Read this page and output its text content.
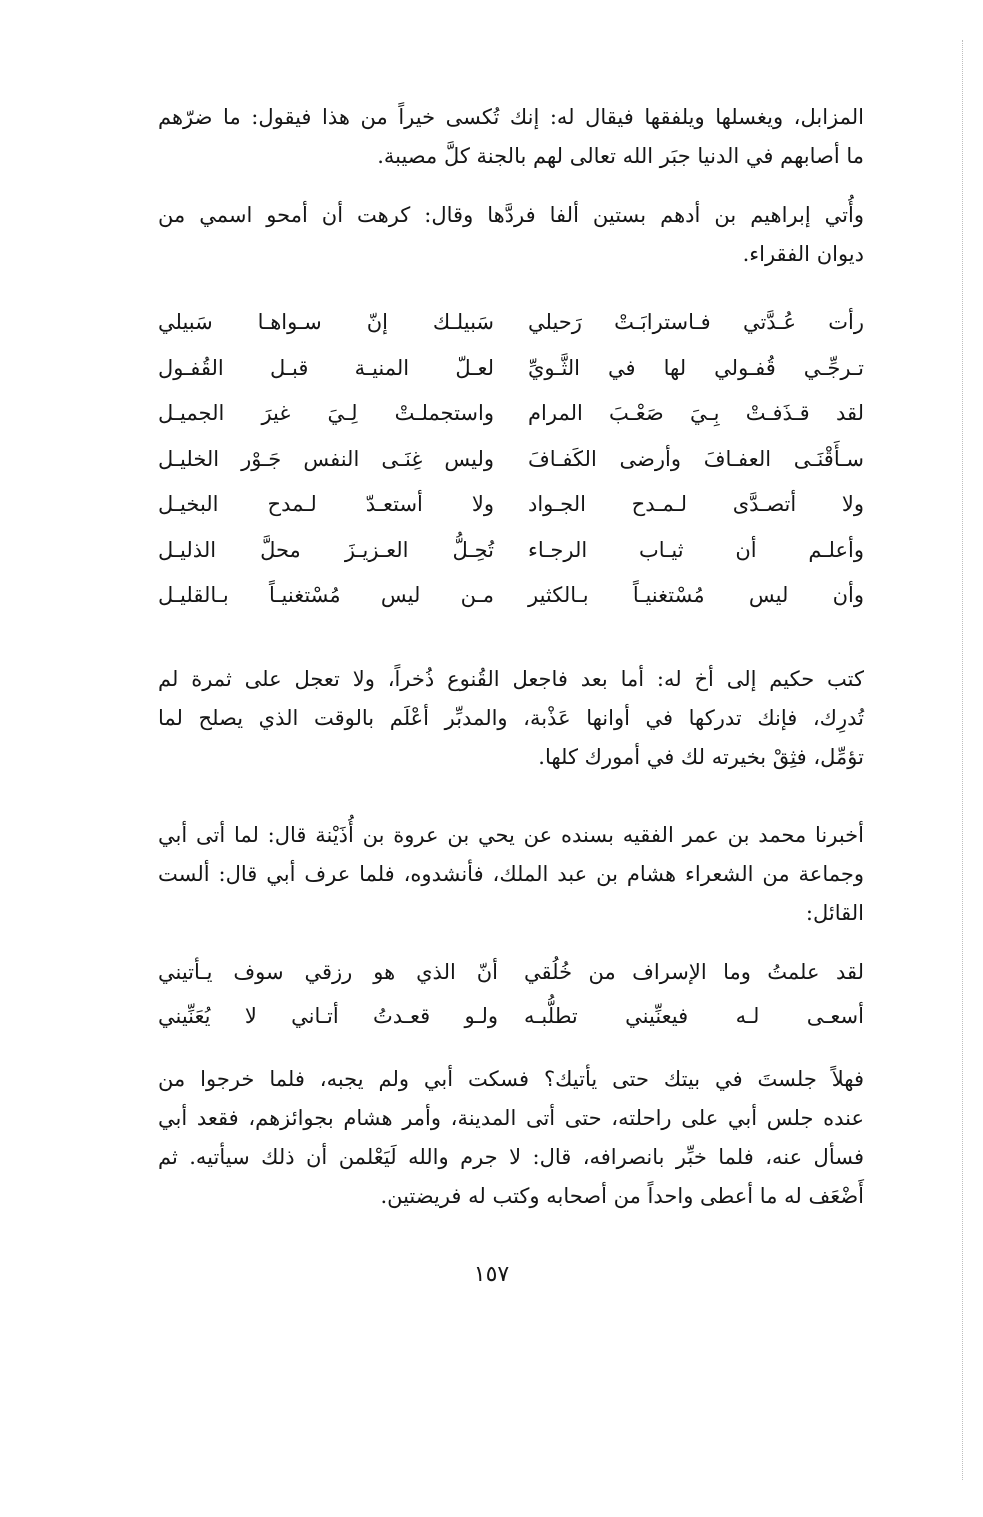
المزابل، ويغسلها ويلفقها فيقال له: إنك تُكسى خيراً من هذا فيقول: ما ضرّهم
ما أصابهم في الدنيا جبَر الله تعالى لهم بالجنة كلَّ مصيبة.

وأُتي إبراهيم بن أدهم بستين ألفا فردَّها وقال: كرهت أن أمحو اسمي من
ديوان الفقراء.

رأت عُـدَّتي فـاسترابَـتْ رَحيلي
سَبيلـك إنّ سـواهـا سَبيلي
تـرجِّـي قُفـولي لها في الثَّـويِّ
لعـلّ المنيـة قبـل القُفـول
لقد قـذَفـتْ بِـيَ صَعْـبَ المرام
واستجملـتْ لِـيَ غيرَ الجميـل
سـأَقْنَـى العفـافَ وأرضى الكَفـافَ
وليس غِنَـى النفس جَـوْر الخليـل
ولا أتصـدَّى لـمـدح الجـواد
ولا أستعـدّ لـمدح البخيـل
وأعلـم أن ثيـاب الرجـاء
تُحِـلُّ العـزيـزَ محلَّ الذليـل
وأن ليس مُسْتغنيـاً بـالكثير
مـن ليس مُسْتغنيـاً بـالقليـل

كتب حكيم إلى أخ له: أما بعد فاجعل القُنوع ذُخراً، ولا تعجل على ثمرة لم
تُدرِك، فإنك تدركها في أوانها عَذْبة، والمدبِّر أعْلَم بالوقت الذي يصلح لما
تؤمِّل، فثِقْ بخيرته لك في أمورك كلها.

أخبرنا محمد بن عمر الفقيه بسنده عن يحي بن عروة بن أُذَيْنة قال: لما أتى أبي
وجماعة من الشعراء هشام بن عبد الملك، فأنشدوه، فلما عرف أبي قال: ألست
القائل:

لقد علمتُ وما الإسراف من خُلُقي
أنّ الذي هو رزقي سوف يـأتيني
أسعـى لـه فيعنِّيني تطلُّبـه
ولـو قعـدتُ أتـاني لا يُعَنِّيني

فهلاً جلستَ في بيتك حتى يأتيك؟ فسكت أبي ولم يجبه، فلما خرجوا من
عنده جلس أبي على راحلته، حتى أتى المدينة، وأمر هشام بجوائزهم، فقعد أبي
فسأل عنه، فلما خبِّر بانصرافه، قال: لا جرم والله لَيَعْلمن أن ذلك سيأتيه. ثم
أَضْعَف له ما أعطى واحداً من أصحابه وكتب له فريضتين.

١٥٧
